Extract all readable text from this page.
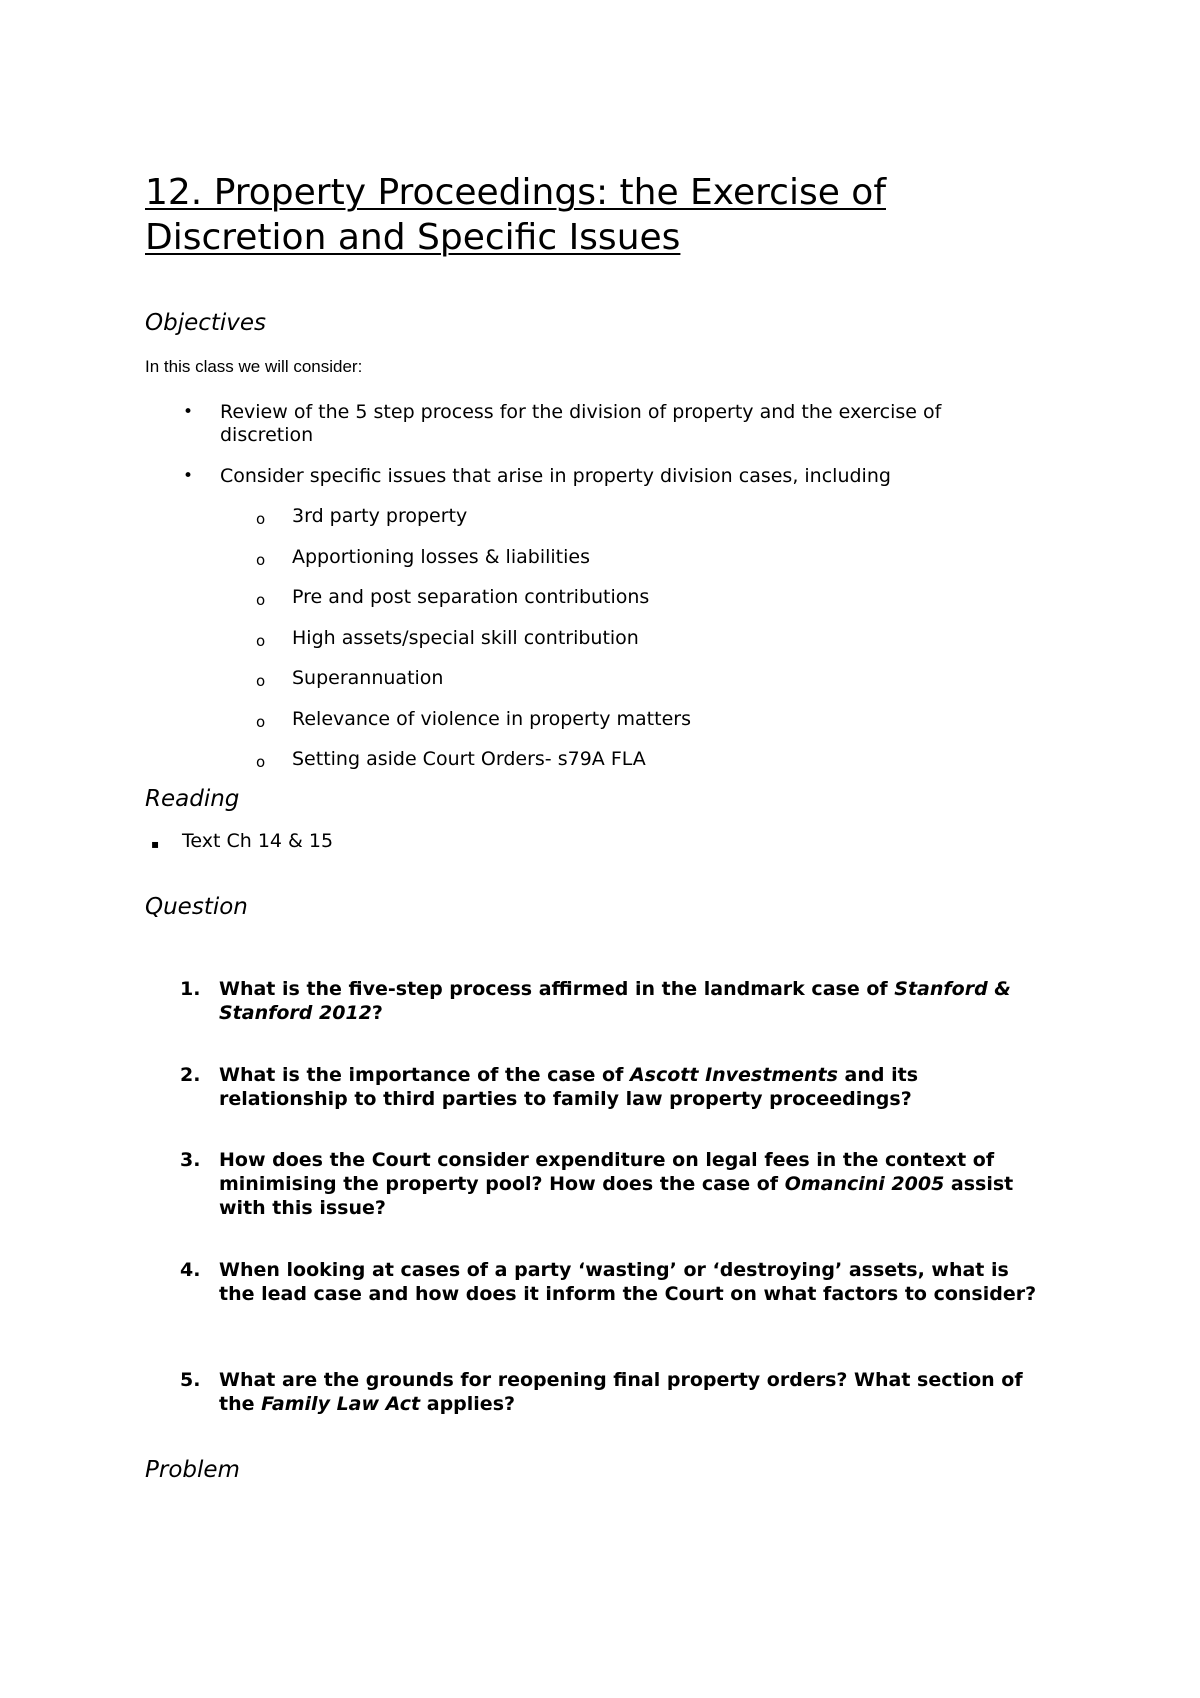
12. Property Proceedings: the Exercise of Discretion and Specific Issues
Objectives

In this class we will consider:

• Review of the 5 step process for the division of property and the exercise of discretion
• Consider specific issues that arise in property division cases, including
o 3rd party property
o Apportioning losses & liabilities
o Pre and post separation contributions
o High assets/special skill contribution
o Superannuation
o Relevance of violence in property matters
o Setting aside Court Orders- s79A FLA
Reading
▪ Text Ch 14 & 15
Question
1. What is the five-step process affirmed in the landmark case of Stanford & Stanford 2012?
2. What is the importance of the case of Ascott Investments and its relationship to third parties to family law property proceedings?
3. How does the Court consider expenditure on legal fees in the context of minimising the property pool? How does the case of Omancini 2005 assist with this issue?
4. When looking at cases of a party ‘wasting’ or ‘destroying’ assets, what is the lead case and how does it inform the Court on what factors to consider?
5. What are the grounds for reopening final property orders? What section of the Family Law Act applies?
Problem
